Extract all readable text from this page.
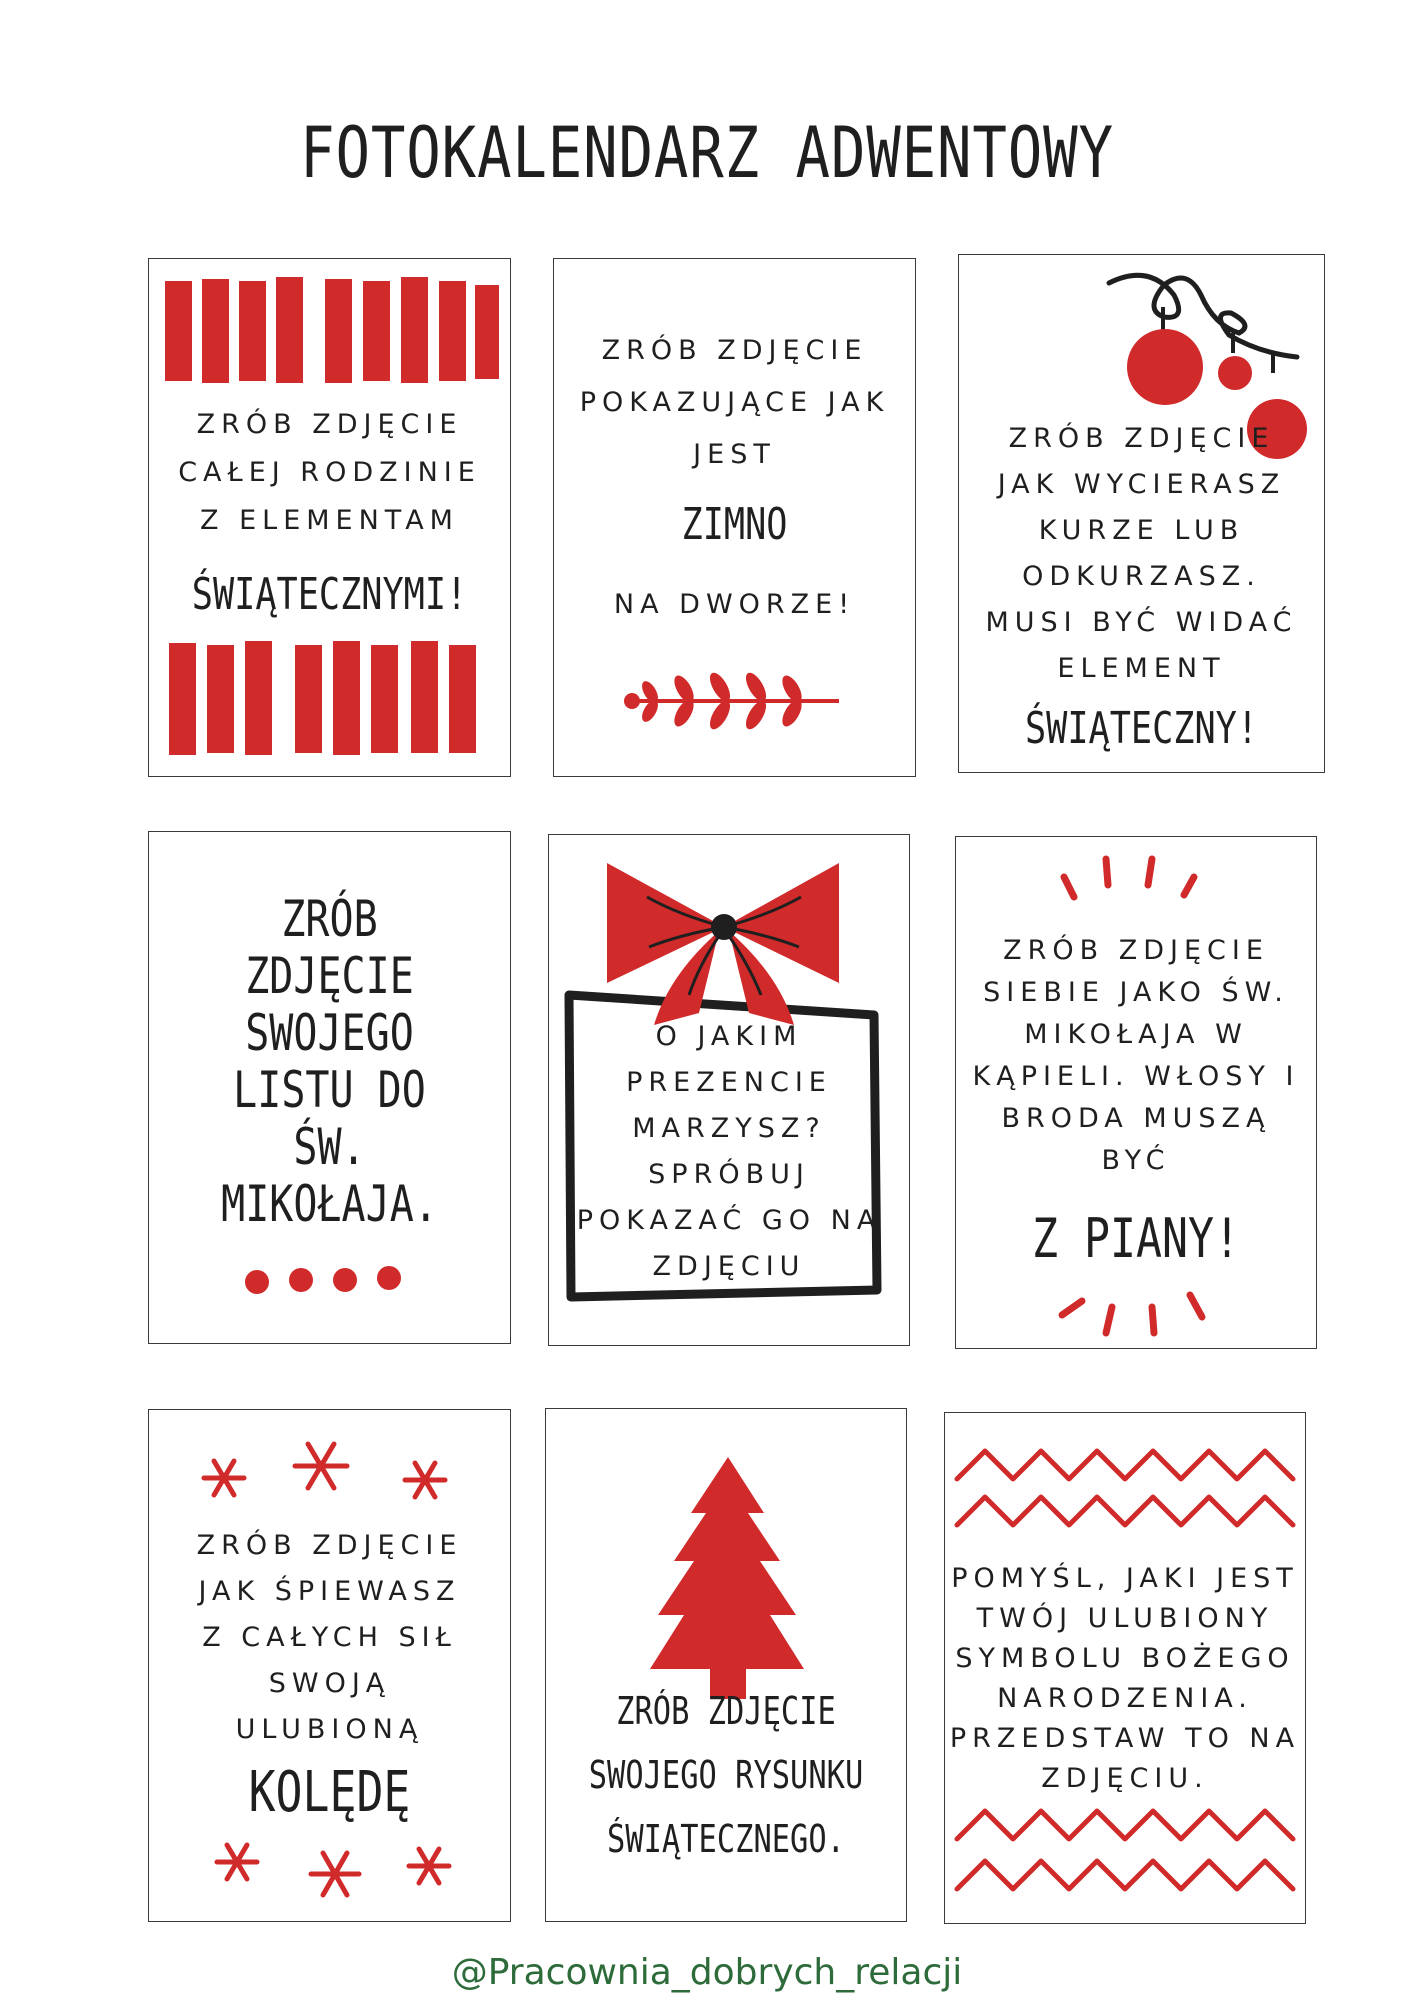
FOTOKALENDARZ ADWENTOWY
ZRÓB ZDJĘCIE
CAŁEJ RODZINIE
Z ELEMENTAM
ŚWIĄTECZNYMI!
ZRÓB ZDJĘCIE
POKAZUJĄCE JAK
JEST
ZIMNO
NA DWORZE!
ZRÓB ZDJĘCIE
JAK WYCIERASZ
KURZE LUB
ODKURZASZ.
MUSI BYĆ WIDAĆ
ELEMENT
ŚWIĄTECZNY!
ZRÓB
ZDJĘCIE
SWOJEGO
LISTU DO
ŚW.
MIKOŁAJA.
O JAKIM
PREZENCIE
MARZYSZ?
SPRÓBUJ
POKAZAĆ GO NA
ZDJĘCIU
ZRÓB ZDJĘCIE
SIEBIE JAKO ŚW.
MIKOŁAJA W
KĄPIELI. WŁOSY I
BRODA MUSZĄ
BYĆ
Z PIANY!
ZRÓB ZDJĘCIE
JAK ŚPIEWASZ
Z CAŁYCH SIŁ
SWOJĄ
ULUBIONĄ
KOLĘDĘ
ZRÓB ZDJĘCIE
SWOJEGO RYSUNKU
ŚWIĄTECZNEGO.
POMYŚL, JAKI JEST
TWÓJ ULUBIONY
SYMBOLU BOŻEGO
NARODZENIA.
PRZEDSTAW TO NA
ZDJĘCIU.
@Pracownia_dobrych_relacji
